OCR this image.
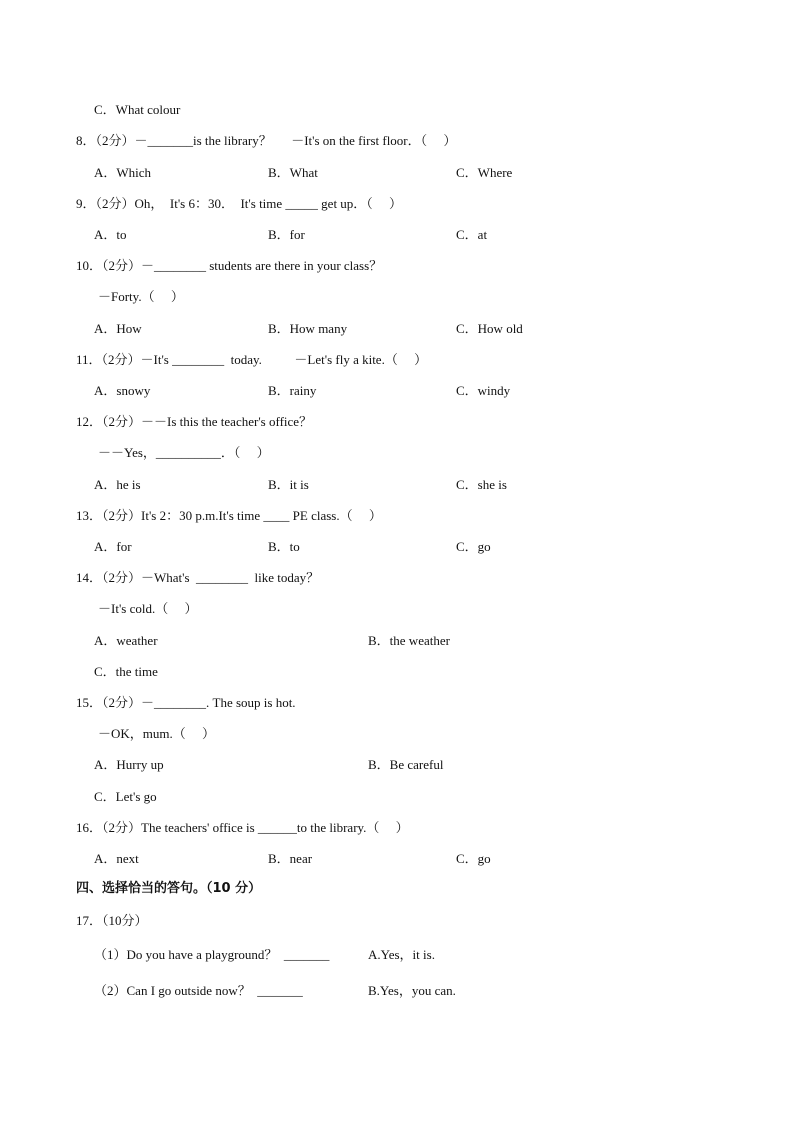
C．What colour
8．（2分）－_______is the library？      －It's on the first floor．（     ）
A．Which	B．What	C．Where
9．（2分）Oh，  It's 6：30．  It's time _____ get up．（     ）
A．to	B．for	C．at
10．（2分）－________ students are there in your class？
－Forty.（     ）
A．How	B．How many	C．How old
11．（2分）－It's ________  today.          －Let's fly a kite.（     ）
A．snowy	B．rainy	C．windy
12．（2分）－－Is this the teacher's office？
－－Yes，__________．（     ）
A．he is	B．it is	C．she is
13．（2分）It's 2：30 p.m.It's time ____ PE class.（     ）
A．for	B．to	C．go
14．（2分）－What's  ________  like today？
－It's cold.（     ）
A．weather	B．the weather
C．the time
15．（2分）－________. The soup is hot.
－OK，mum.（     ）
A．Hurry up	B．Be careful
C．Let's go
16．（2分）The teachers' office is ______to the library.（     ）
A．next	B．near	C．go
四、选择恰当的答句。（10 分）
17．（10分）
（1）Do you have a playground？  _______	A.Yes，it is.
（2）Can I go outside now？  _______	B.Yes，you can.
